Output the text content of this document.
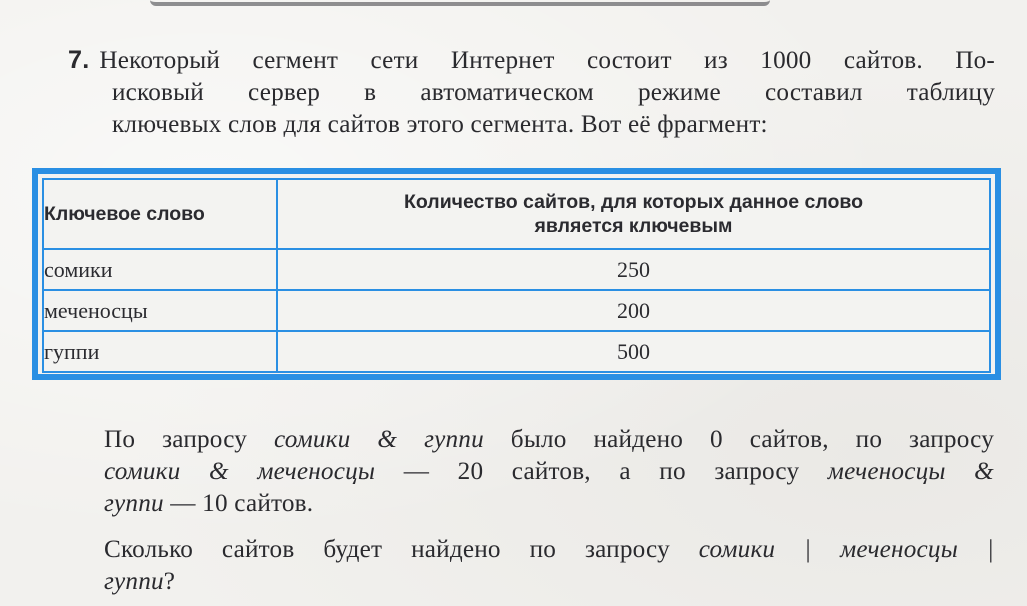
7. Некоторый сегмент сети Интернет состоит из 1000 сайтов. По-
исковый сервер в автоматическом режиме составил таблицу
ключевых слов для сайтов этого сегмента. Вот её фрагмент:
Ключевое слово	Количество сайтов, для которых данное слово
является ключевым
сомики	250
меченосцы	200
гуппи	500
По запросу сомики & гуппи было найдено 0 сайтов, по запросу
сомики & меченосцы — 20 сайтов, а по запросу меченосцы &
гуппи — 10 сайтов.
Сколько сайтов будет найдено по запросу сомики | меченосцы |
гуппи?
